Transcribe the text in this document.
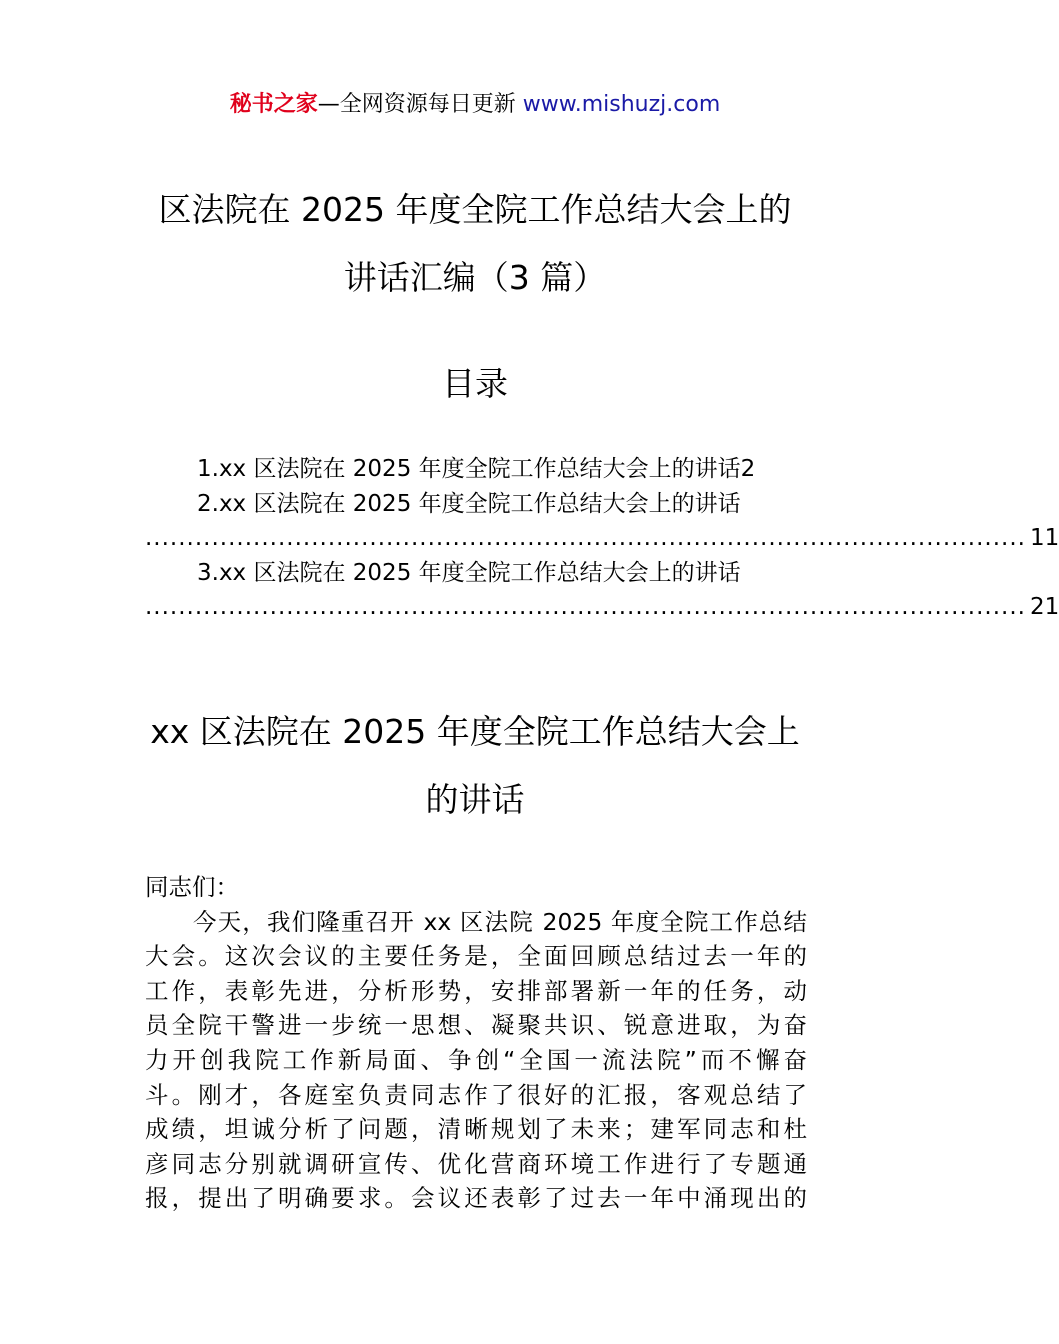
秘书之家—全网资源每日更新 www.mishuzj.com
区法院在 2025 年度全院工作总结大会上的
讲话汇编（3 篇）
目录
1.xx 区法院在 2025 年度全院工作总结大会上的讲话2
2.xx 区法院在 2025 年度全院工作总结大会上的讲话
.......................................................................................................... 11
3.xx 区法院在 2025 年度全院工作总结大会上的讲话
.......................................................................................................... 21
xx 区法院在 2025 年度全院工作总结大会上
的讲话
同志们：
今天，我们隆重召开 xx 区法院 2025 年度全院工作总结
大会。这次会议的主要任务是，全面回顾总结过去一年的
工作，表彰先进，分析形势，安排部署新一年的任务，动
员全院干警进一步统一思想、凝聚共识、锐意进取，为奋
力开创我院工作新局面、争创“全国一流法院”而不懈奋
斗。刚才，各庭室负责同志作了很好的汇报，客观总结了
成绩，坦诚分析了问题，清晰规划了未来；建军同志和杜
彦同志分别就调研宣传、优化营商环境工作进行了专题通
报，提出了明确要求。会议还表彰了过去一年中涌现出的
